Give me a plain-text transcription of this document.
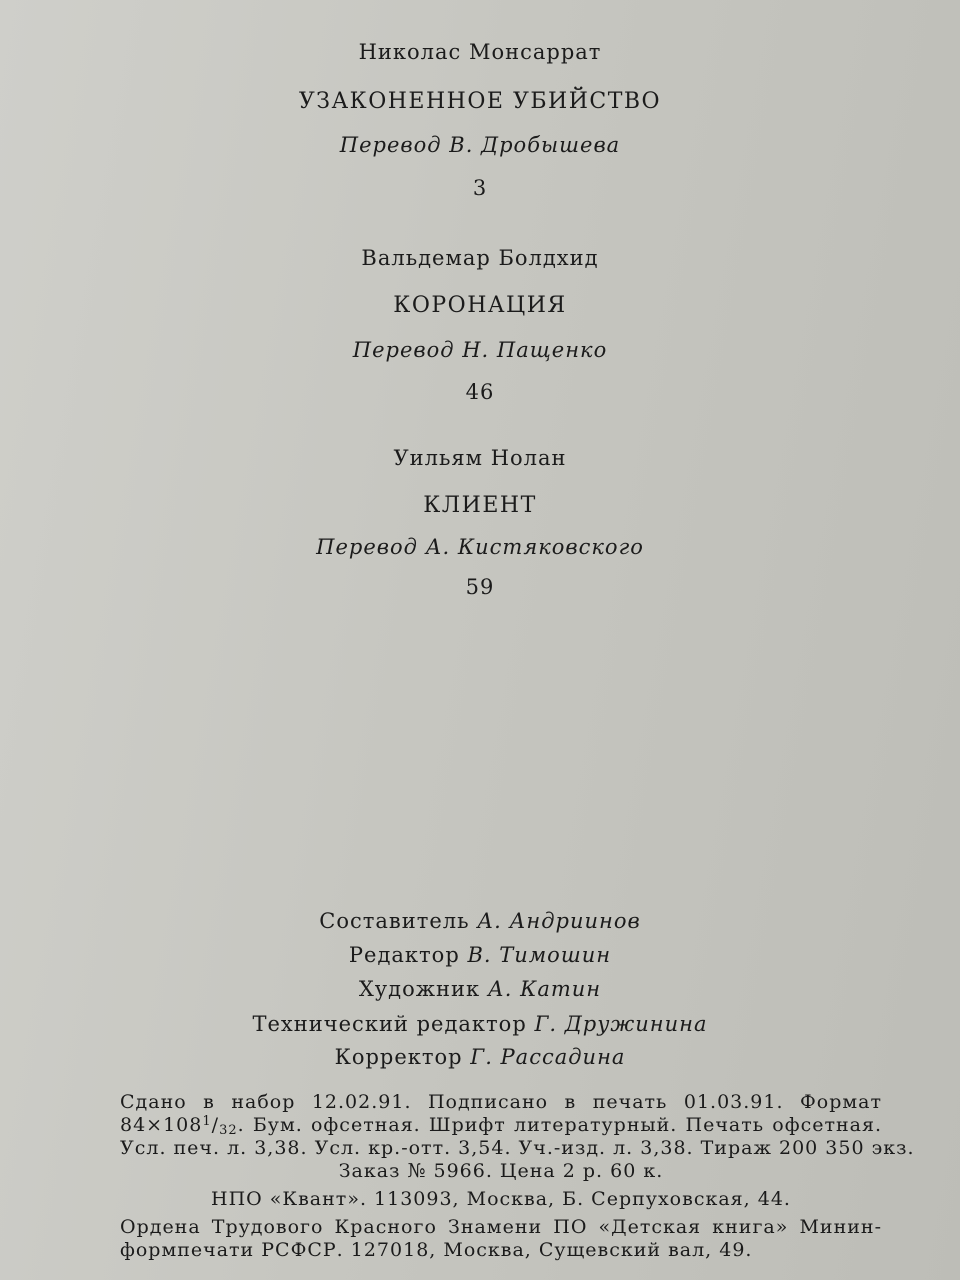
Николас Монсаррат
УЗАКОНЕННОЕ УБИЙСТВО
Перевод В. Дробышева
3
Вальдемар Болдхид
КОРОНАЦИЯ
Перевод Н. Пащенко
46
Уильям Нолан
КЛИЕНТ
Перевод А. Кистяковского
59
Составитель А. Андриинов
Редактор В. Тимошин
Художник А. Катин
Технический редактор Г. Дружинина
Корректор Г. Рассадина
Сдано в набор 12.02.91. Подписано в печать 01.03.91. Формат
$84\times 108^1/32$. Бум. офсетная. Шрифт литературный. Печать офсетная.
Усл. печ. л. 3,38. Усл. кр.-отт. 3,54. Уч.-изд. л. 3,38. Тираж 200 350 экз.
Заказ № 5966. Цена 2 р. 60 к.
НПО «Квант». 113093, Москва, Б. Серпуховская, 44.
Ордена Трудового Красного Знамени ПО «Детская книга» Минин-
формпечати РСФСР. 127018, Москва, Сущевский вал, 49.
